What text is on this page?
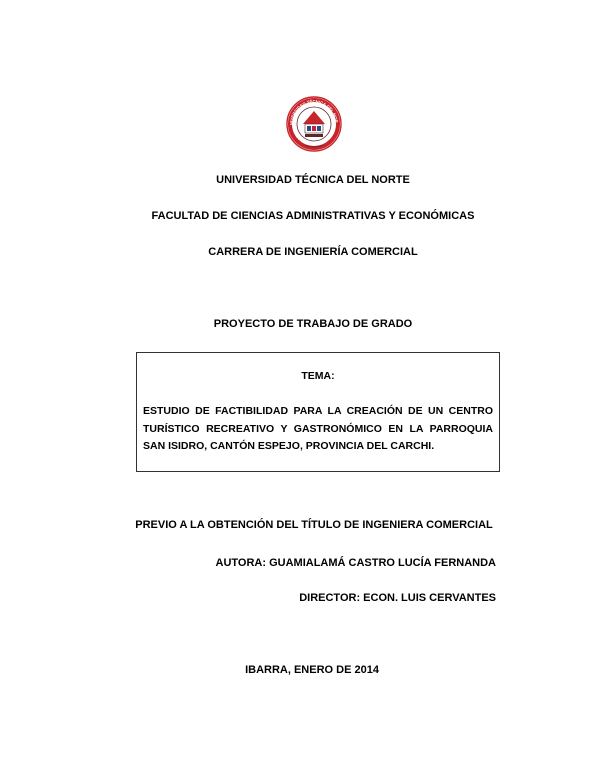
NIVERSIDAD TÉCNICA DEL NOR
UNIVERSIDAD TÉCNICA DEL NORTE
FACULTAD DE CIENCIAS ADMINISTRATIVAS Y ECONÓMICAS
CARRERA DE INGENIERÍA COMERCIAL
PROYECTO DE TRABAJO DE GRADO
TEMA:
ESTUDIO DE FACTIBILIDAD PARA LA CREACIÓN DE UN CENTRO TURÍSTICO RECREATIVO Y GASTRONÓMICO EN LA PARROQUIA SAN ISIDRO, CANTÓN ESPEJO, PROVINCIA DEL CARCHI.
PREVIO A LA OBTENCIÓN DEL TÍTULO DE INGENIERA COMERCIAL
AUTORA: GUAMIALAMÁ CASTRO LUCÍA FERNANDA
DIRECTOR: ECON. LUIS CERVANTES
IBARRA, ENERO DE 2014
